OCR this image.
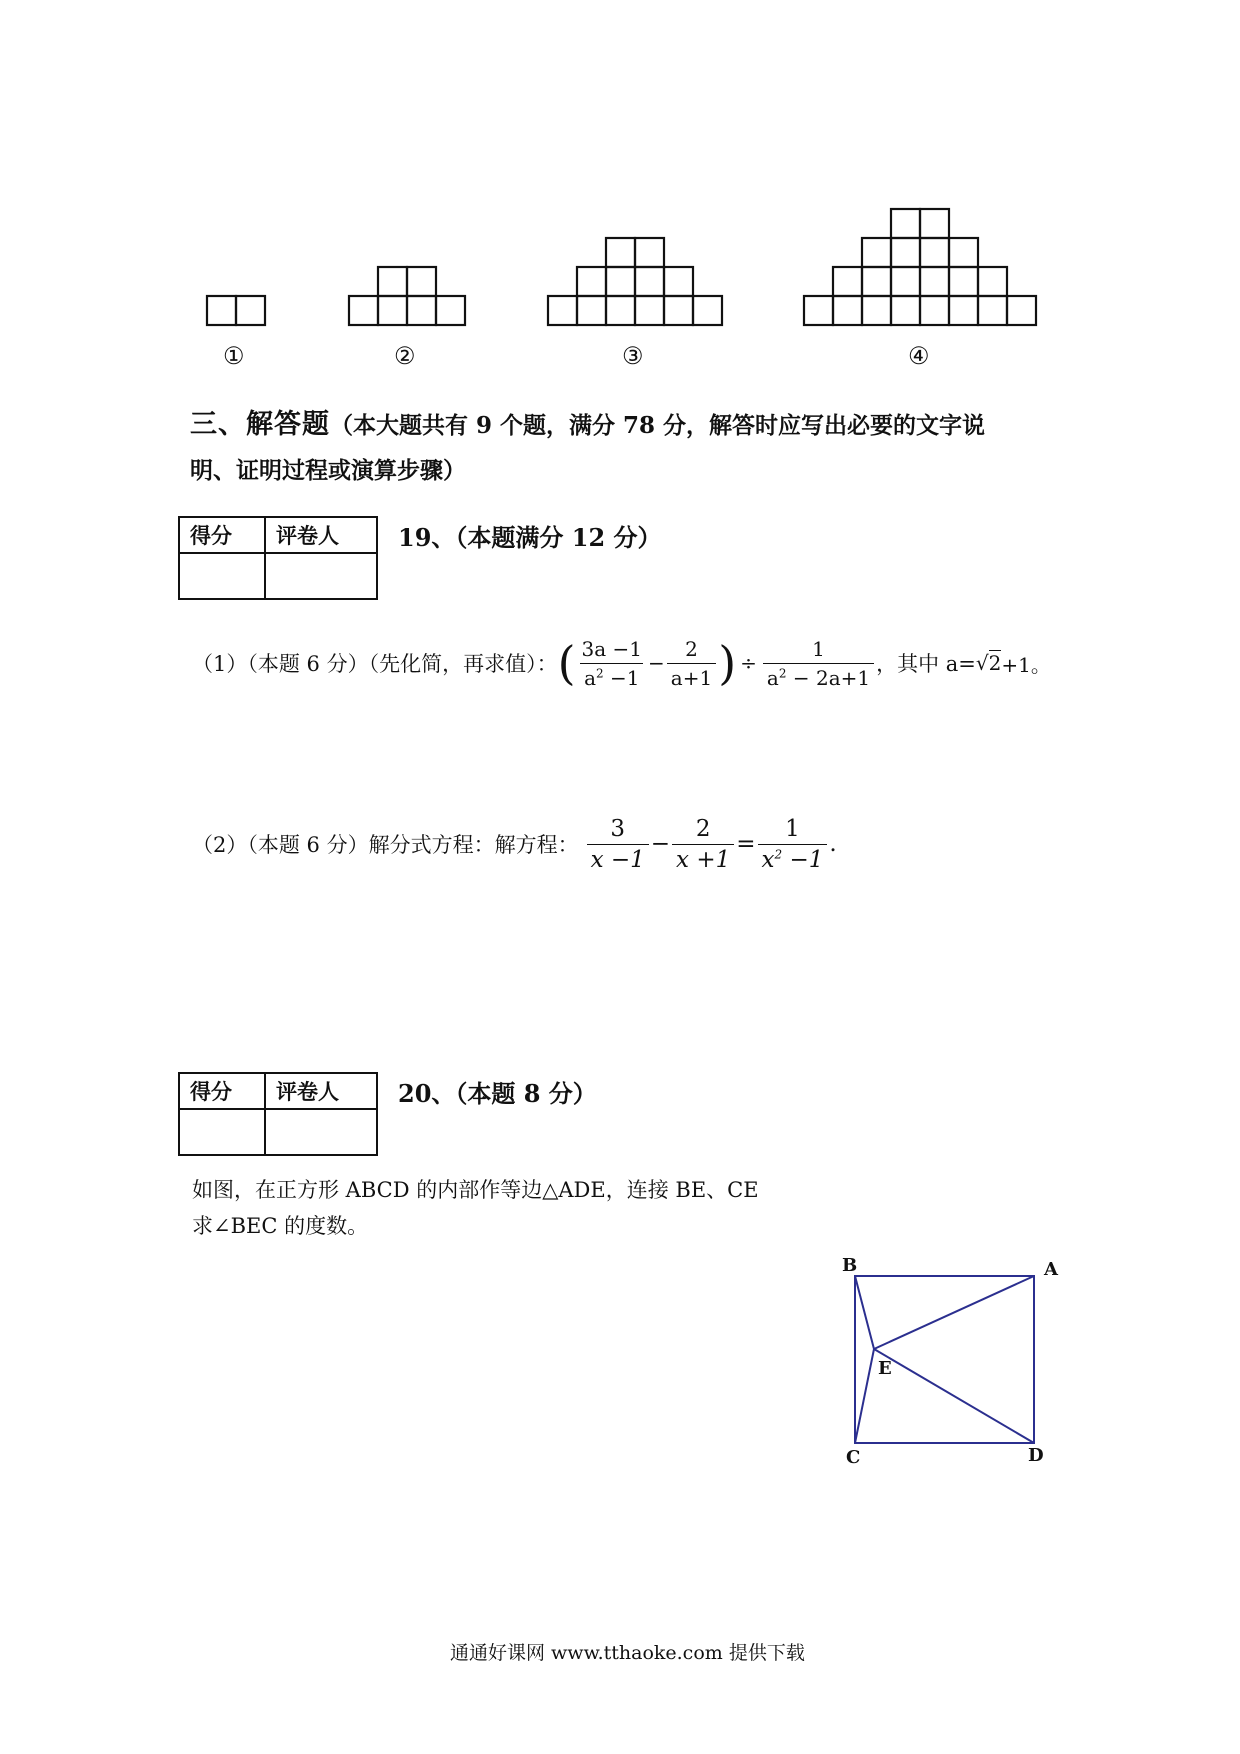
①	②	③	④
三、解答题（本大题共有 9 个题，满分 78 分，解答时应写出必要的文字说
明、证明过程或演算步骤）
得分	评卷人
	19、（本题满分 12 分）
（1）（本题 6 分）（先化简，再求值）： ( $\frac{3a -1}{a^2 -1} - \frac{2}{a+1}$ ) ÷ $\frac{1}{a^2 - 2a+1}$ ，其中 a= √2 +1。
（2）（本题 6 分）解分式方程：解方程： $\frac{3}{x -1} - \frac{2}{x +1} = \frac{1}{x^2 -1}$ .
得分	评卷人
	20、（本题 8 分）
如图，在正方形 ABCD 的内部作等边△ADE，连接 BE、CE
求∠BEC 的度数。
B	A
E
C	D
通通好课网 www.tthaoke.com 提供下载
